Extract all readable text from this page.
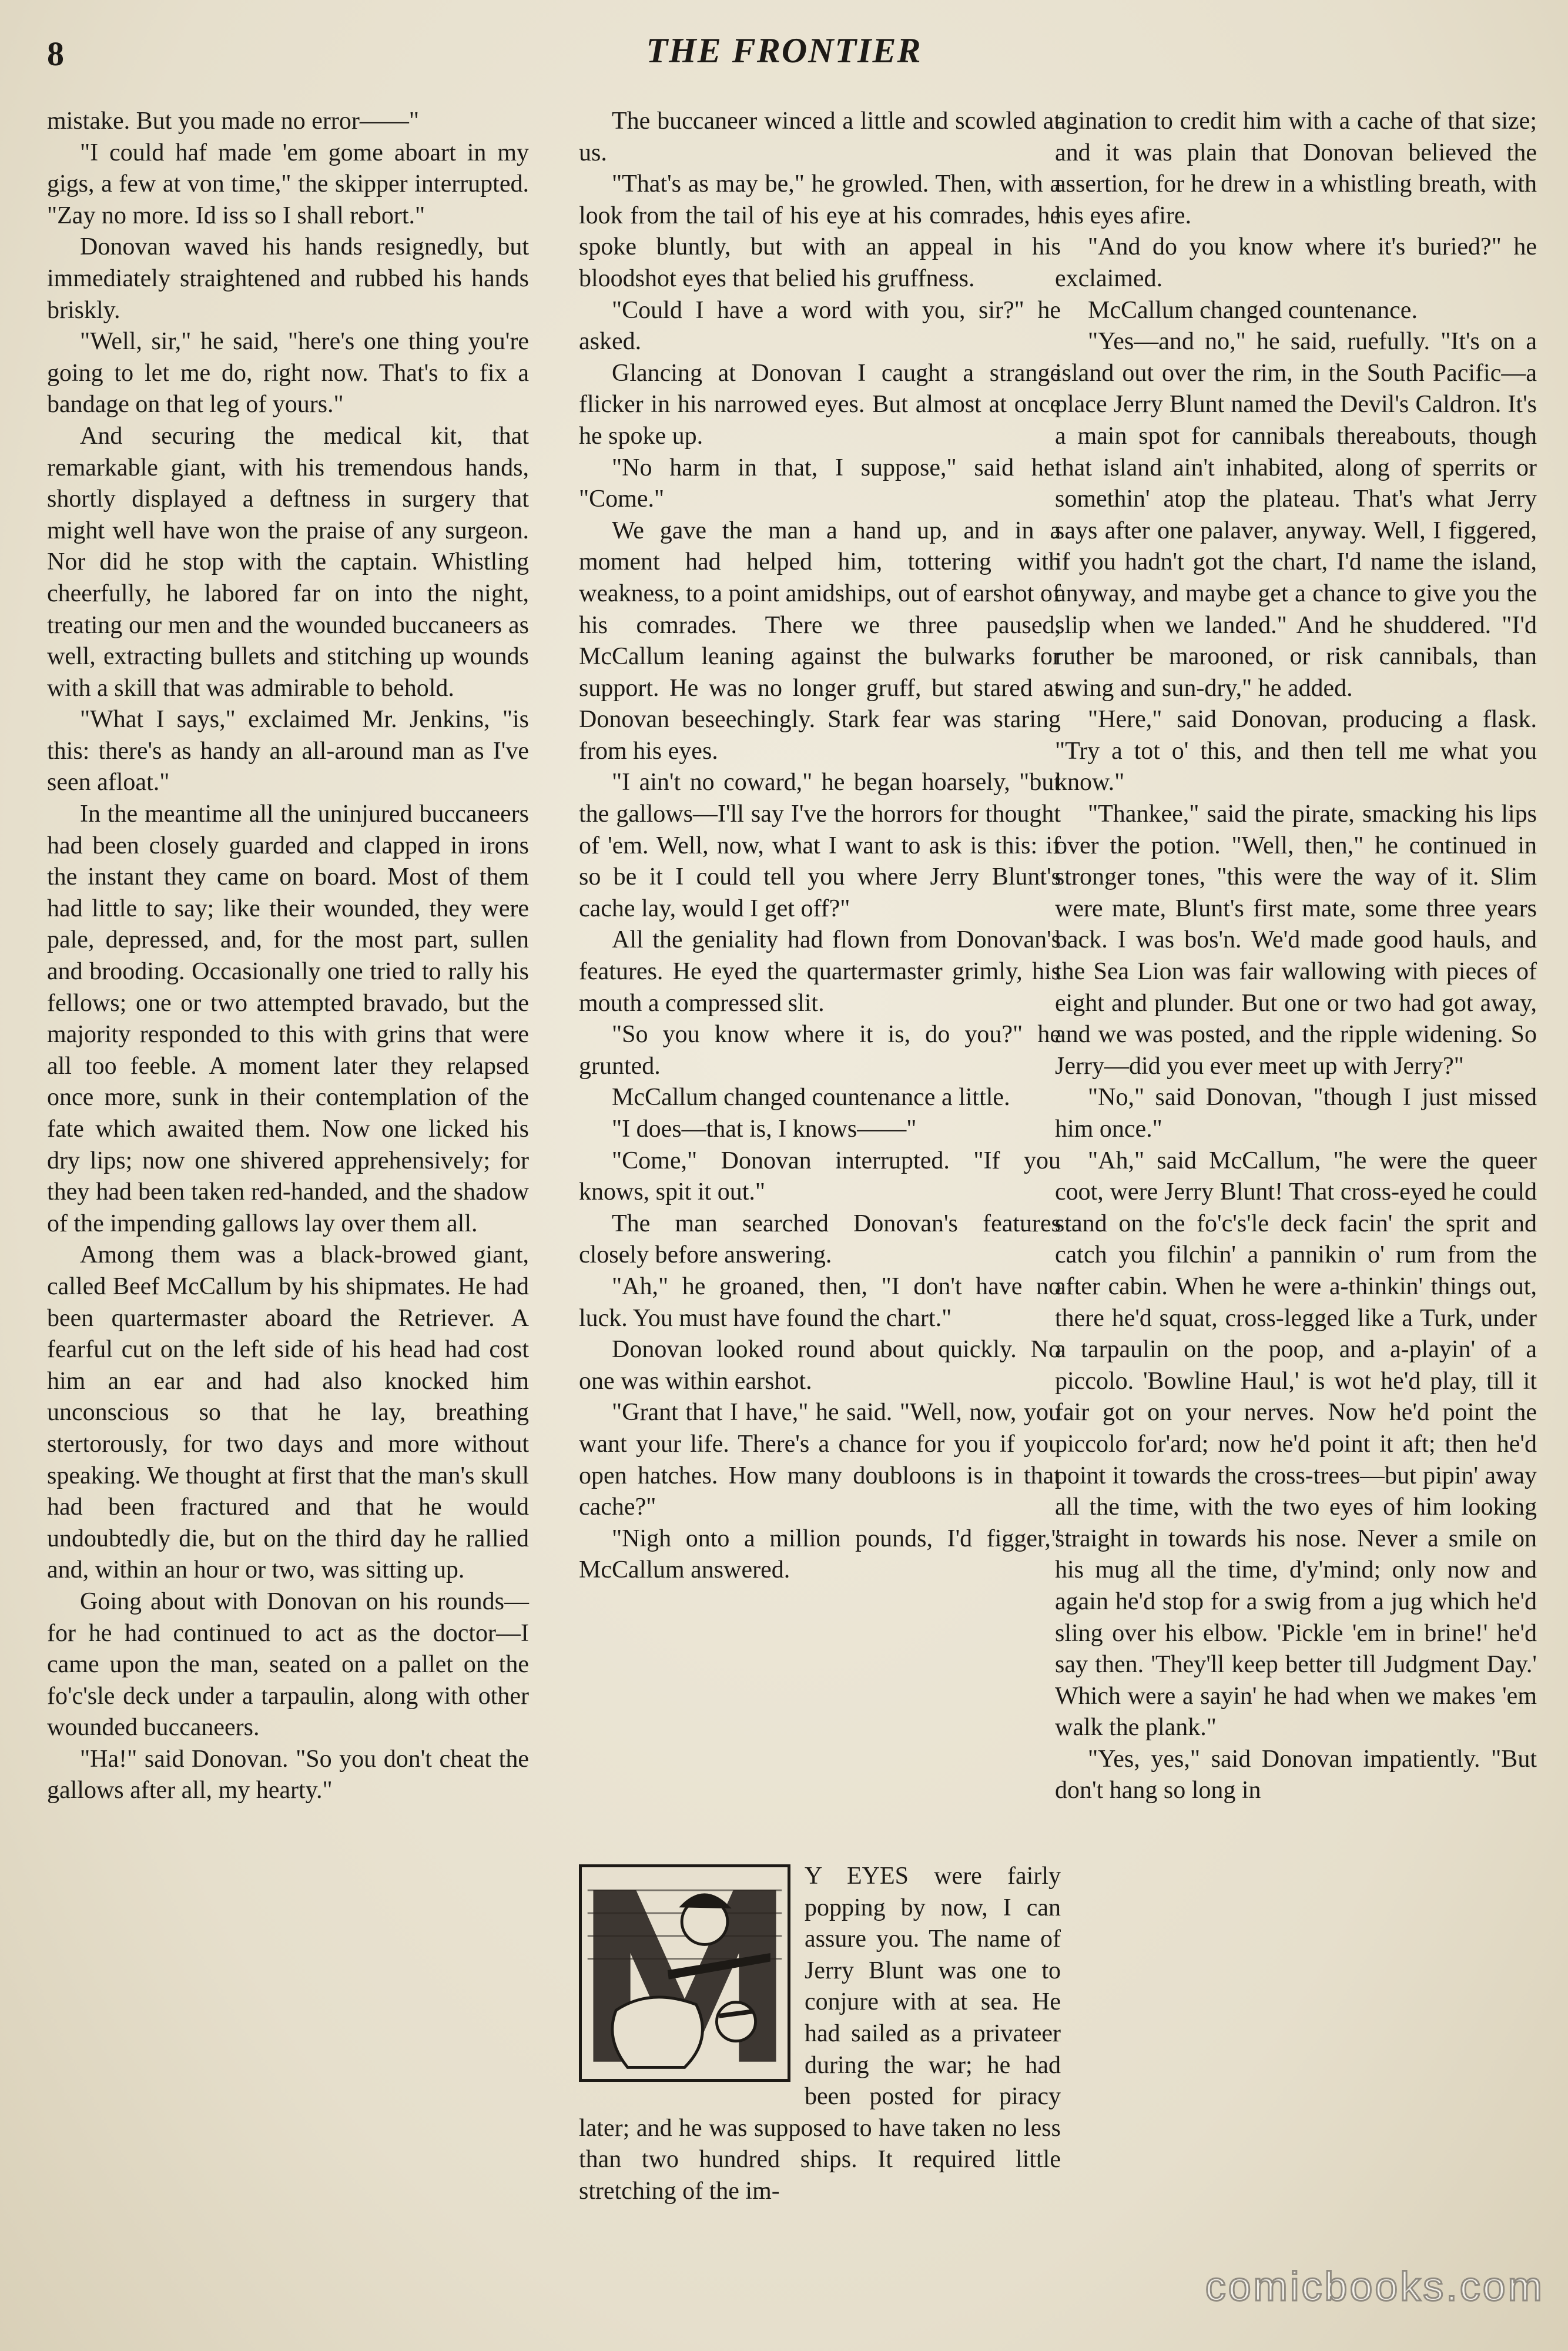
8	THE FRONTIER

mistake. But you made no error——"

"I could haf made 'em gome aboart in my gigs, a few at von time," the skipper interrupted. "Zay no more. Id iss so I shall rebort."

Donovan waved his hands resignedly, but immediately straightened and rubbed his hands briskly.

"Well, sir," he said, "here's one thing you're going to let me do, right now. That's to fix a bandage on that leg of yours."

And securing the medical kit, that remarkable giant, with his tremendous hands, shortly displayed a deftness in surgery that might well have won the praise of any surgeon. Nor did he stop with the captain. Whistling cheerfully, he labored far on into the night, treating our men and the wounded buccaneers as well, extracting bullets and stitching up wounds with a skill that was admirable to behold.

"What I says," exclaimed Mr. Jenkins, "is this: there's as handy an all-around man as I've seen afloat."

In the meantime all the uninjured buccaneers had been closely guarded and clapped in irons the instant they came on board. Most of them had little to say; like their wounded, they were pale, depressed, and, for the most part, sullen and brooding. Occasionally one tried to rally his fellows; one or two attempted bravado, but the majority responded to this with grins that were all too feeble. A moment later they relapsed once more, sunk in their contemplation of the fate which awaited them. Now one licked his dry lips; now one shivered apprehensively; for they had been taken red-handed, and the shadow of the impending gallows lay over them all.

Among them was a black-browed giant, called Beef McCallum by his shipmates. He had been quartermaster aboard the Retriever. A fearful cut on the left side of his head had cost him an ear and had also knocked him unconscious so that he lay, breathing stertorously, for two days and more without speaking. We thought at first that the man's skull had been fractured and that he would undoubtedly die, but on the third day he rallied and, within an hour or two, was sitting up.

Going about with Donovan on his rounds—for he had continued to act as the doctor—I came upon the man, seated on a pallet on the fo'c'sle deck under a tarpaulin, along with other wounded buccaneers.

"Ha!" said Donovan. "So you don't cheat the gallows after all, my hearty."

The buccaneer winced a little and scowled at us.

"That's as may be," he growled. Then, with a look from the tail of his eye at his comrades, he spoke bluntly, but with an appeal in his bloodshot eyes that belied his gruffness.

"Could I have a word with you, sir?" he asked.

Glancing at Donovan I caught a strange flicker in his narrowed eyes. But almost at once he spoke up.

"No harm in that, I suppose," said he. "Come."

We gave the man a hand up, and in a moment had helped him, tottering with weakness, to a point amidships, out of earshot of his comrades. There we three paused, McCallum leaning against the bulwarks for support. He was no longer gruff, but stared at Donovan beseechingly. Stark fear was staring from his eyes.

"I ain't no coward," he began hoarsely, "but the gallows—I'll say I've the horrors for thought of 'em. Well, now, what I want to ask is this: if so be it I could tell you where Jerry Blunt's cache lay, would I get off?"

All the geniality had flown from Donovan's features. He eyed the quartermaster grimly, his mouth a compressed slit.

"So you know where it is, do you?" he grunted.

McCallum changed countenance a little.

"I does—that is, I knows——"

"Come," Donovan interrupted. "If you knows, spit it out."

The man searched Donovan's features closely before answering.

"Ah," he groaned, then, "I don't have no luck. You must have found the chart."

Donovan looked round about quickly. No one was within earshot.

"Grant that I have," he said. "Well, now, you want your life. There's a chance for you if you open hatches. How many doubloons is in that cache?"

"Nigh onto a million pounds, I'd figger," McCallum answered.

Y EYES were fairly popping by now, I can assure you. The name of Jerry Blunt was one to conjure with at sea. He had sailed as a privateer during the war; he had been posted for piracy later; and he was supposed to have taken no less than two hundred ships. It required little stretching of the im-

agination to credit him with a cache of that size; and it was plain that Donovan believed the assertion, for he drew in a whistling breath, with his eyes afire.

"And do you know where it's buried?" he exclaimed.

McCallum changed countenance.

"Yes—and no," he said, ruefully. "It's on a island out over the rim, in the South Pacific—a place Jerry Blunt named the Devil's Caldron. It's a main spot for cannibals thereabouts, though that island ain't inhabited, along of sperrits or somethin' atop the plateau. That's what Jerry says after one palaver, anyway. Well, I figgered, if you hadn't got the chart, I'd name the island, anyway, and maybe get a chance to give you the slip when we landed." And he shuddered. "I'd ruther be marooned, or risk cannibals, than swing and sun-dry," he added.

"Here," said Donovan, producing a flask. "Try a tot o' this, and then tell me what you know."

"Thankee," said the pirate, smacking his lips over the potion. "Well, then," he continued in stronger tones, "this were the way of it. Slim were mate, Blunt's first mate, some three years back. I was bos'n. We'd made good hauls, and the Sea Lion was fair wallowing with pieces of eight and plunder. But one or two had got away, and we was posted, and the ripple widening. So Jerry—did you ever meet up with Jerry?"

"No," said Donovan, "though I just missed him once."

"Ah," said McCallum, "he were the queer coot, were Jerry Blunt! That cross-eyed he could stand on the fo'c's'le deck facin' the sprit and catch you filchin' a pannikin o' rum from the after cabin. When he were a-thinkin' things out, there he'd squat, cross-legged like a Turk, under a tarpaulin on the poop, and a-playin' of a piccolo. 'Bowline Haul,' is wot he'd play, till it fair got on your nerves. Now he'd point the piccolo for'ard; now he'd point it aft; then he'd point it towards the cross-trees—but pipin' away all the time, with the two eyes of him looking straight in towards his nose. Never a smile on his mug all the time, d'y'mind; only now and again he'd stop for a swig from a jug which he'd sling over his elbow. 'Pickle 'em in brine!' he'd say then. 'They'll keep better till Judgment Day.' Which were a sayin' he had when we makes 'em walk the plank."

"Yes, yes," said Donovan impatiently. "But don't hang so long in

comicbooks.com
